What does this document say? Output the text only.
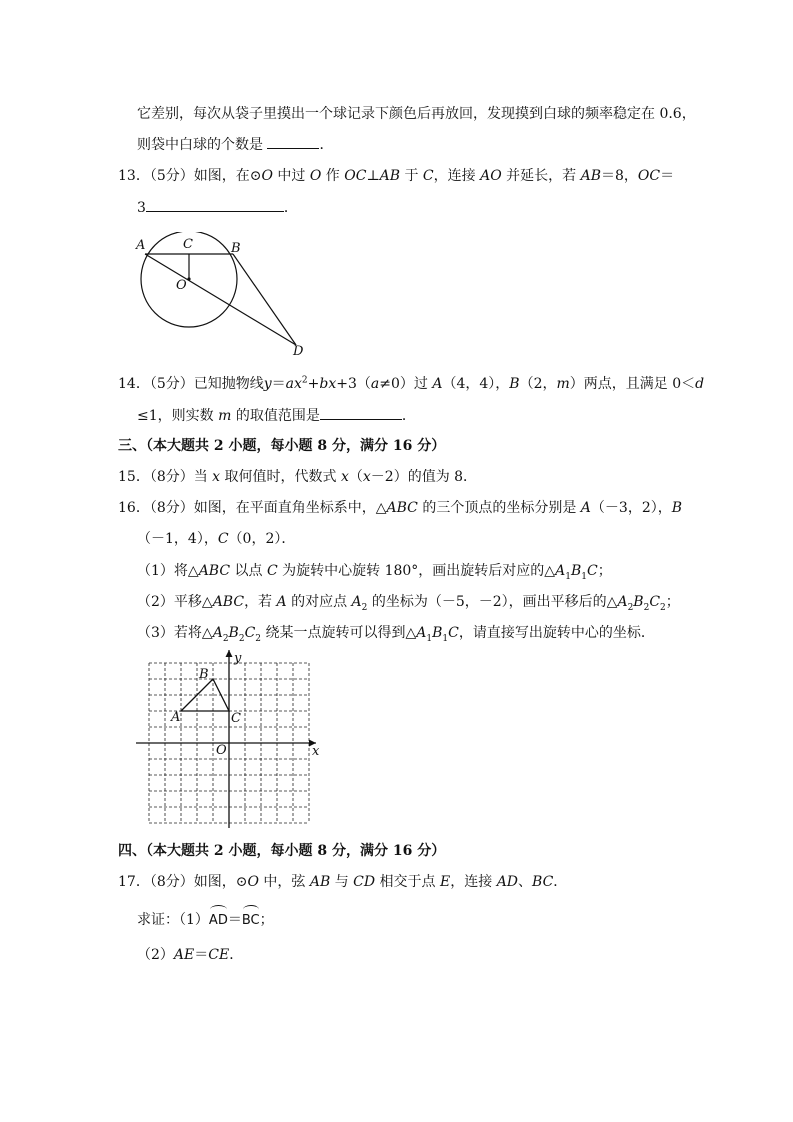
它差别，每次从袋子里摸出一个球记录下颜色后再放回，发现摸到白球的频率稳定在 0.6，
则袋中白球的个数是	．
13．（5分）如图，在⊙O 中过 O 作 OC⊥AB 于 C，连接 AO 并延长，若 AB＝8，OC＝
3	．
A	C	B
O
D
14．（5分）已知抛物线$y=ax^2+bx+3(a\ne 0)$过 A（4，4），B（2，m）两点，且满足 0＜d
≤1，则实数 m 的取值范围是	．
三、（本大题共 2 小题，每小题 8 分，满分 16 分）
15．（8分）当 x 取何值时，代数式 x（x－2）的值为 8．
16．（8分）如图，在平面直角坐标系中，△ABC 的三个顶点的坐标分别是 A（－3，2），B
（－1，4），C（0，2）．
（1）将△ABC 以点 C 为旋转中心旋转 180°，画出旋转后对应的$\triangle A_1B_1C$；
（2）平移△ABC，若 A 的对应点 $A_2$ 的坐标为（－5，－2），画出平移后的$\triangle A_2B_2C_2$；
（3）若将$\triangle A_2B_2C_2$ 绕某一点旋转可以得到$\triangle A_1B_1C$，请直接写出旋转中心的坐标．
y
x
O
A
B
C
四、（本大题共 2 小题，每小题 8 分，满分 16 分）
17．（8分）如图，⊙O 中，弦 AB 与 CD 相交于点 E，连接 AD、BC．
求证：（1）AD＝BC；
（2）AE＝CE．
